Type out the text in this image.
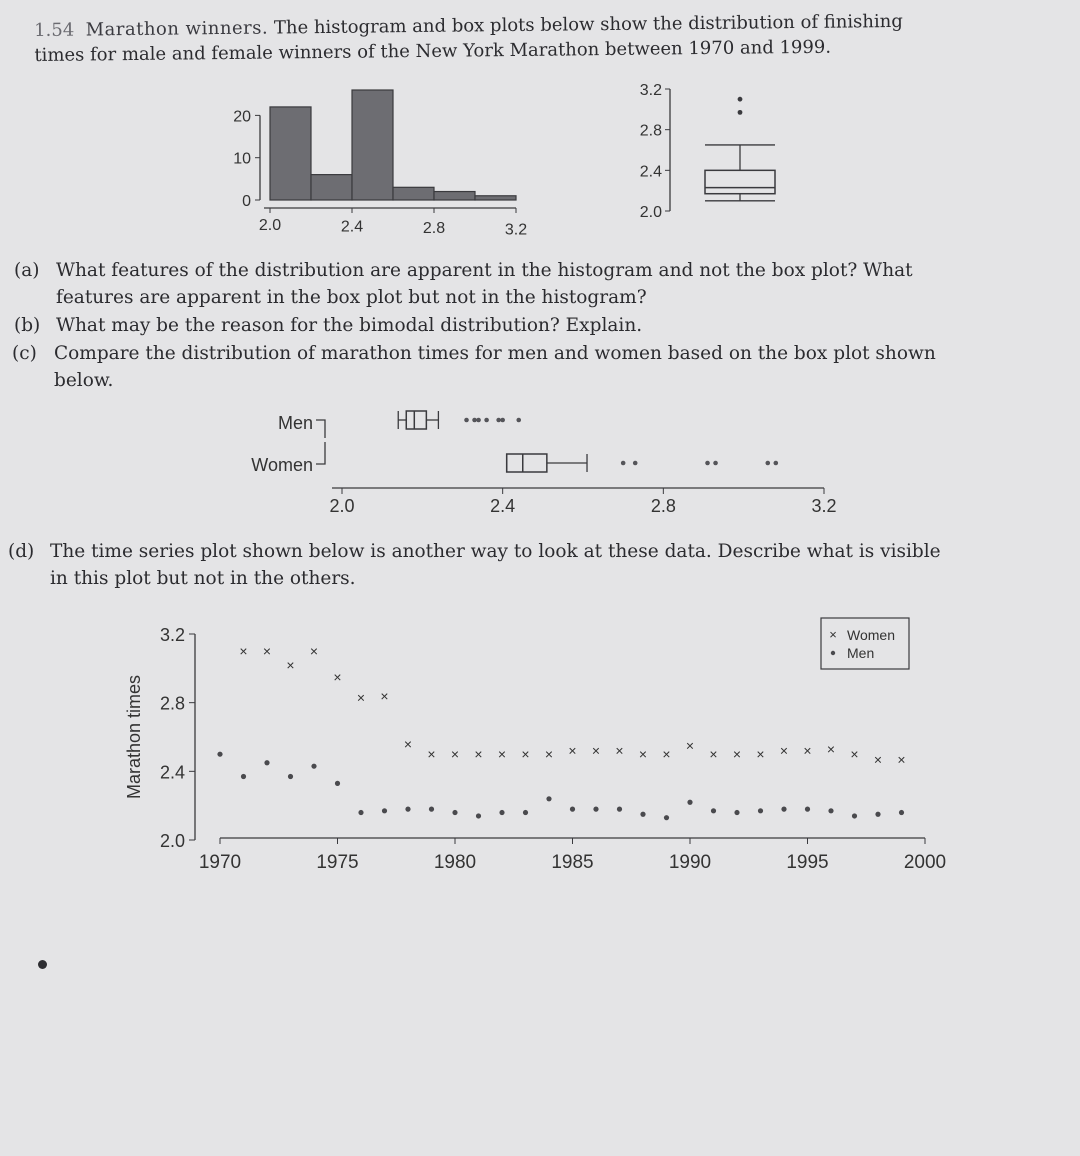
1.54 Marathon winners. The histogram and box plots below show the distribution of finishing
times for male and female winners of the New York Marathon between 1970 and 1999.
0
10
20
2.0	2.4	2.8	3.2
2.0
2.4
2.8
3.2
(a) What features of the distribution are apparent in the histogram and not the box plot? What
features are apparent in the box plot but not in the histogram?
(b) What may be the reason for the bimodal distribution? Explain.
(c) Compare the distribution of marathon times for men and women based on the box plot shown
below.
Men
Women
2.0	2.4	2.8	3.2
(d) The time series plot shown below is another way to look at these data. Describe what is visible
in this plot but not in the others.
2.0
2.4
2.8
3.2
Marathon times
1970	1975	1980	1985	1990	1995	2000
× ×
×
×
×
× ×
×
× × × × × × × × × × ×
×
× × × × × × × × ×
× Women
Men
